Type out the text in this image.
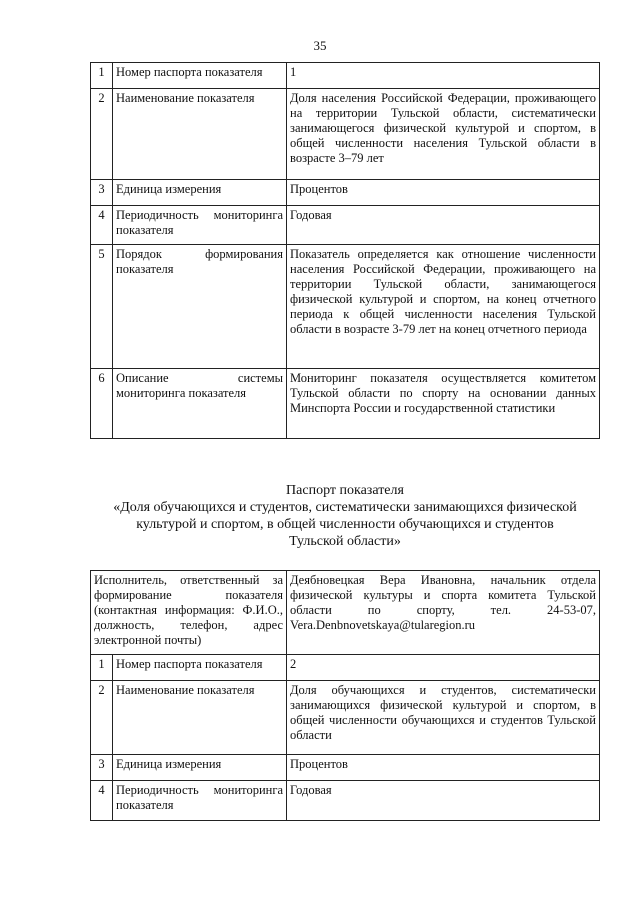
35
1	Номер паспорта показателя	1
2	Наименование показателя	Доля населения Российской Федерации, проживающего на территории Тульской области, систематически занимающегося физической культурой и спортом, в общей численности населения Тульской области в возрасте 3–79 лет
3	Единица измерения	Процентов
4	Периодичность мониторинга показателя	Годовая
5	Порядок формирования показателя	Показатель определяется как отношение численности населения Российской Федерации, проживающего на территории Тульской области, занимающегося физической культурой и спортом, на конец отчетного периода к общей численности населения Тульской области в возрасте 3-79 лет на конец отчетного периода
6	Описание системы мониторинга показателя	Мониторинг показателя осуществляется комитетом Тульской области по спорту на основании данных Минспорта России и государственной статистики
Паспорт показателя
«Доля обучающихся и студентов, систематически занимающихся физической
культурой и спортом, в общей численности обучающихся и студентов
Тульской области»
Исполнитель, ответственный за формирование показателя (контактная информация: Ф.И.О., должность, телефон, адрес электронной почты)		Деябновецкая Вера Ивановна, начальник отдела физической культуры и спорта комитета Тульской области по спорту, тел. 24-53-07, Vera.Denbnovetskaya@tularegion.ru
1	Номер паспорта показателя	2
2	Наименование показателя	Доля обучающихся и студентов, систематически занимающихся физической культурой и спортом, в общей численности обучающихся и студентов Тульской области
3	Единица измерения	Процентов
4	Периодичность мониторинга показателя	Годовая
